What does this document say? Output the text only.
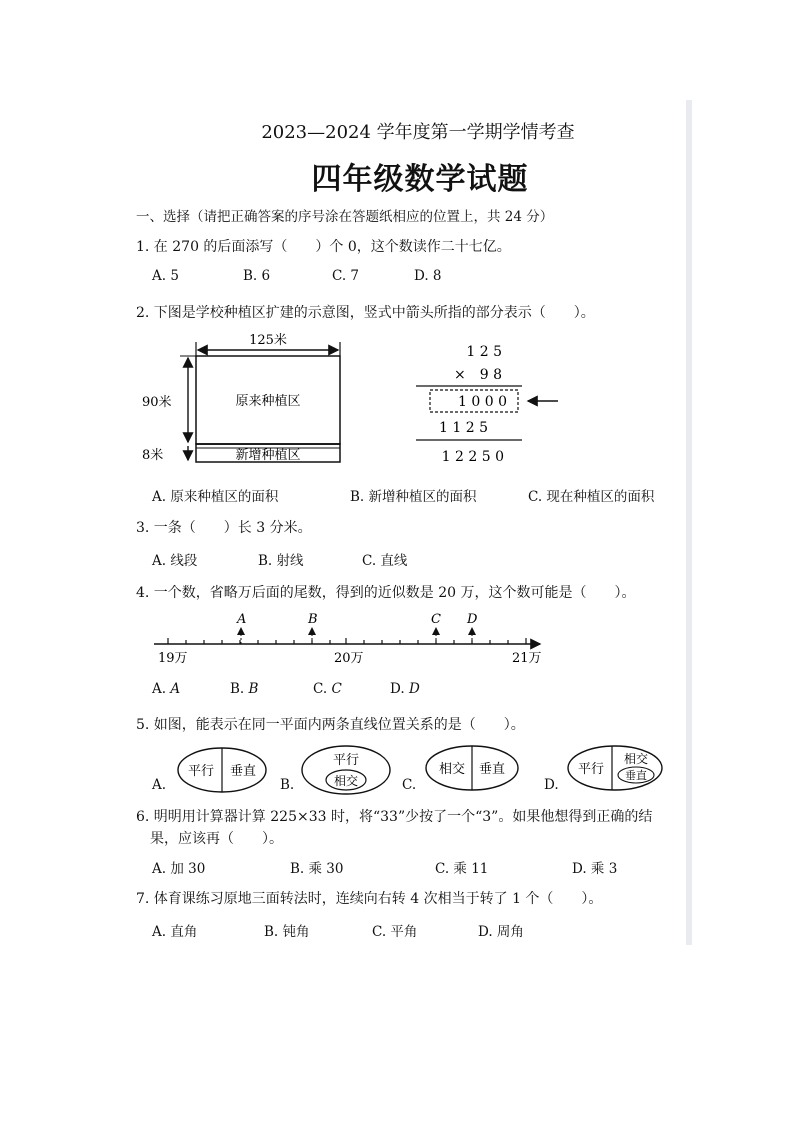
2023—2024 学年度第一学期学情考查
四年级数学试题
一、选择（请把正确答案的序号涂在答题纸相应的位置上，共 24 分）
1. 在 270 的后面添写（　　）个 0，这个数读作二十七亿。
A. 5	B. 6	C. 7	D. 8
2. 下图是学校种植区扩建的示意图，竖式中箭头所指的部分表示（　　）。
125米
原来种植区
新增种植区
90米
8米
1 2 5
×　9 8
1 0 0 0
1 1 2 5
1 2 2 5 0
A. 原来种植区的面积	B. 新增种植区的面积	C. 现在种植区的面积
3. 一条（　　）长 3 分米。
A. 线段	B. 射线	C. 直线
4. 一个数，省略万后面的尾数，得到的近似数是 20 万，这个数可能是（　　）。
A	B	C D
19万	20万	21万
A. A	B. B	C. C	D. D
5. 如图，能表示在同一平面内两条直线位置关系的是（　　）。
A.
平行 垂直
B.
平行
相交	C.
相交 垂直
D.
平行
相交
垂直
6. 明明用计算器计算 225×33 时，将“33”少按了一个“3”。如果他想得到正确的结
果，应该再（　　）。
A. 加 30	B. 乘 30	C. 乘 11	D. 乘 3
7. 体育课练习原地三面转法时，连续向右转 4 次相当于转了 1 个（　　）。
A. 直角	B. 钝角	C. 平角	D. 周角
